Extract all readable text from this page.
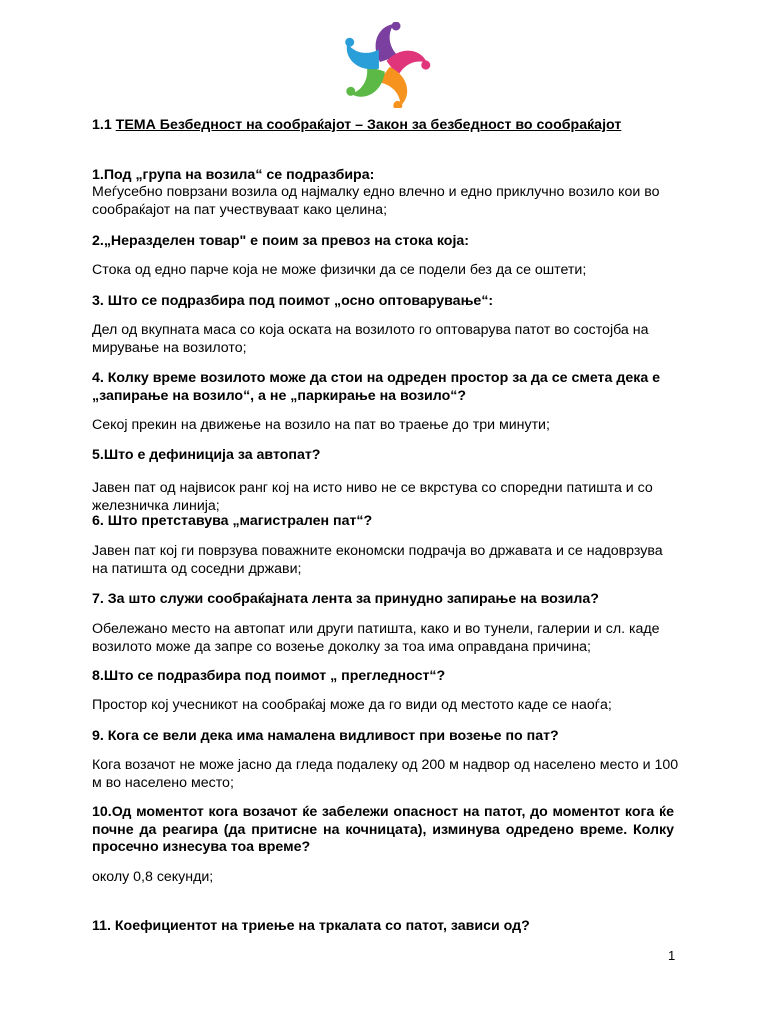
1.1 ТЕМА Безбедност на сообраќајот – Закон за безбедност во сообраќајот
1.Под „група на возила“ се подразбира:
Меѓусебно поврзани возила од најмалку едно влечно и едно приклучно возило кои во сообраќајот на пат учествуваат како целина;
2.„Неразделен товар" е поим за превоз на стока која:
Стока од едно парче која не може физички да се подели без да се оштети;
3. Што се подразбира под поимот „осно оптоварување“:
Дел од вкупната маса со која оската на возилото го оптоварува патот во состојба на мирување на возилото;
4. Колку време возилото може да стои на одреден простор за да се смета дека е „запирање на возило“, а не „паркирање на возило“?
Секој прекин на движење на возило на пат во траење до три минути;
5.Што е дефиниција за автопат?
Јавен пат од највисок ранг кој на исто ниво не се вкрстува со споредни патишта и со железничка линија;
6. Што претставува „магистрален пат“?
Јавен пат кој ги поврзува поважните економски подрачја во државата и се надоврзува на патишта од соседни држави;
7. За што служи сообраќајната лента за принудно запирање на возила?
Обележано место на автопат или други патишта, како и во тунели, галерии и сл. каде возилото може да запре со возење доколку за тоа има оправдана причина;
8.Што се подразбира под поимот „ прегледност“?
Простор кој учесникот на сообраќај може да го види од местото каде се наоѓа;
9. Кога се вели дека има намалена видливост при возење по пат?
Кога возачот не може јасно да гледа подалеку од 200 м надвор од населено место и 100 м во населено место;
10.Од моментот кога возачот ќе забележи опасност на патот, до моментот кога ќе почне да реагира (да притисне на кочницата), изминува одредено време. Колку просечно изнесува тоа време?
околу 0,8 секунди;
11. Коефициентот на триење на тркалата со патот, зависи од?
1
